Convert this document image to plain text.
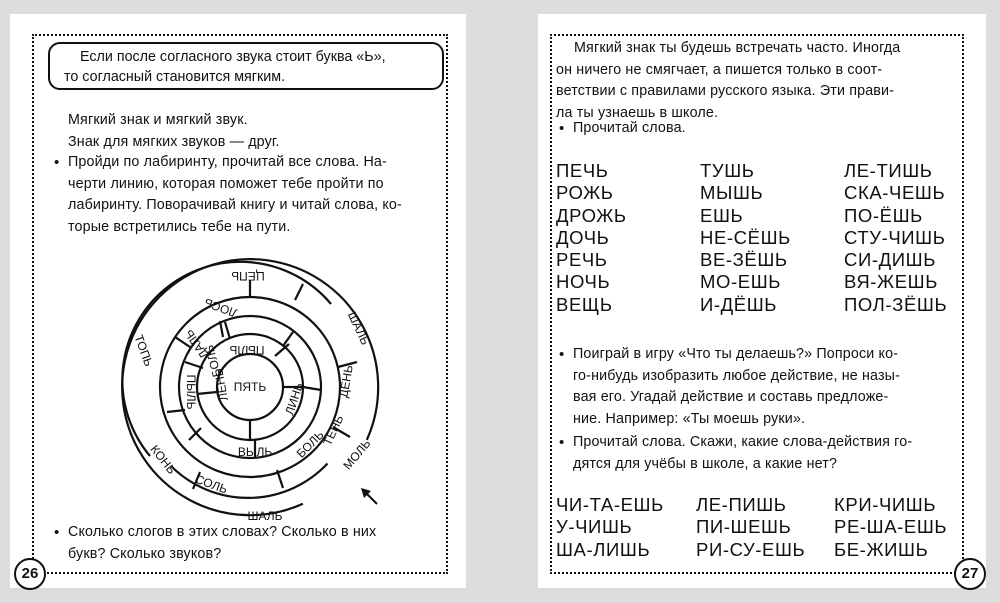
Если после согласного звука стоит буква «Ь»,
то согласный становится мягким.
Мягкий знак и мягкий звук.
Знак для мягких звуков — друг.
• Пройди по лабиринту, прочитай все слова. На-
черти линию, которая поможет тебе пройти по
лабиринту. Поворачивай книгу и читай слова, ко-
торые встретились тебе на пути.
ПЯТЬ
ЦЕПЬ
ЛОСЬ
ДАЛЬ
ПЫЛЬ
ТОПЬ
ШАЛЬ
ДЕНЬ
ЛИНЬ
ЛЕНЬ
БОЛЬ ПЫЛЬ
ВЫЛЬ БОЛЬ
ТЕНЬ
МОЛЬ
КОНЬ
СОЛЬ
ШАЛЬ
• Сколько слогов в этих словах? Сколько в них
букв? Сколько звуков?
26
Мягкий знак ты будешь встречать часто. Иногда
он ничего не смягчает, а пишется только в соот-
ветствии с правилами русского языка. Эти прави-
ла ты узнаешь в школе.
• Прочитай слова.
ПЕЧЬ
РОЖЬ
ДРОЖЬ
ДОЧЬ
РЕЧЬ
НОЧЬ
ВЕЩЬ
ТУШЬ
МЫШЬ
ЕШЬ
НЕ-СЁШЬ
ВЕ-ЗЁШЬ
МО-ЕШЬ
И-ДЁШЬ
ЛЕ-ТИШЬ
СКА-ЧЕШЬ
ПО-ЁШЬ
СТУ-ЧИШЬ
СИ-ДИШЬ
ВЯ-ЖЕШЬ
ПОЛ-ЗЁШЬ
• Поиграй в игру «Что ты делаешь?» Попроси ко-
го-нибудь изобразить любое действие, не назы-
вая его. Угадай действие и составь предложе-
ние. Например: «Ты моешь руки».
• Прочитай слова. Скажи, какие слова-действия го-
дятся для учёбы в школе, а какие нет?
ЧИ-ТА-ЕШЬ
У-ЧИШЬ
ША-ЛИШЬ
ЛЕ-ПИШЬ
ПИ-ШЕШЬ
РИ-СУ-ЕШЬ
КРИ-ЧИШЬ
РЕ-ША-ЕШЬ
БЕ-ЖИШЬ
27
